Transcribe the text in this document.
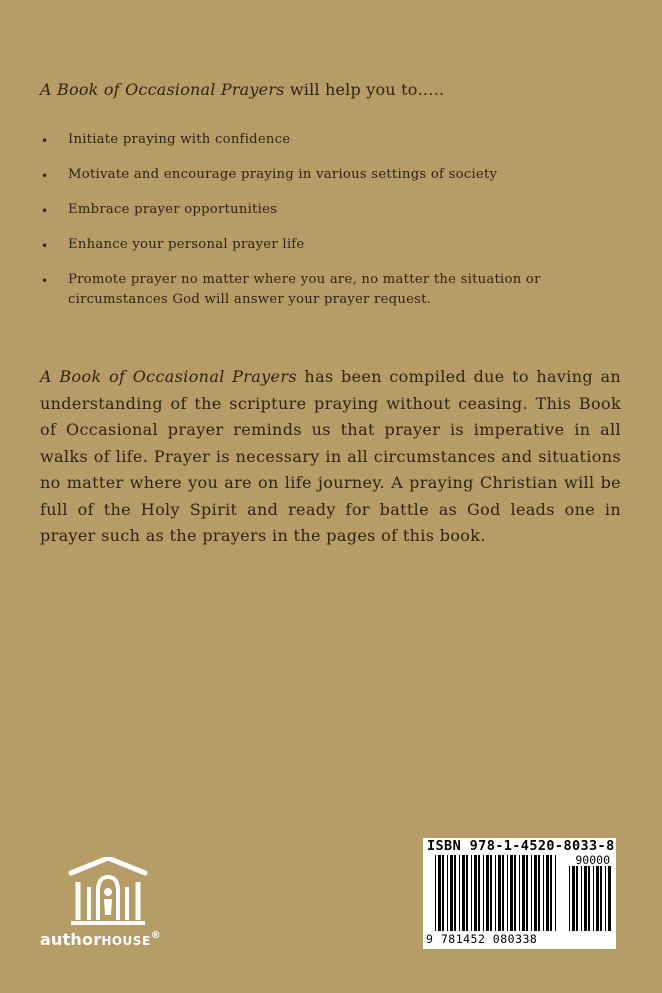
A Book of Occasional Prayers will help you to…..

• Initiate praying with confidence
• Motivate and encourage praying in various settings of society
• Embrace prayer opportunities
• Enhance your personal prayer life
• Promote prayer no matter where you are, no matter the situation or circumstances God will answer your prayer request.

A Book of Occasional Prayers has been compiled due to having an understanding of the scripture praying without ceasing. This Book of Occasional prayer reminds us that prayer is imperative in all walks of life. Prayer is necessary in all circumstances and situations no matter where you are on life journey. A praying Christian will be full of the Holy Spirit and ready for battle as God leads one in prayer such as the prayers in the pages of this book.

authorHOUSE®
ISBN 978-1-4520-8033-8
90000
9 781452 080338
